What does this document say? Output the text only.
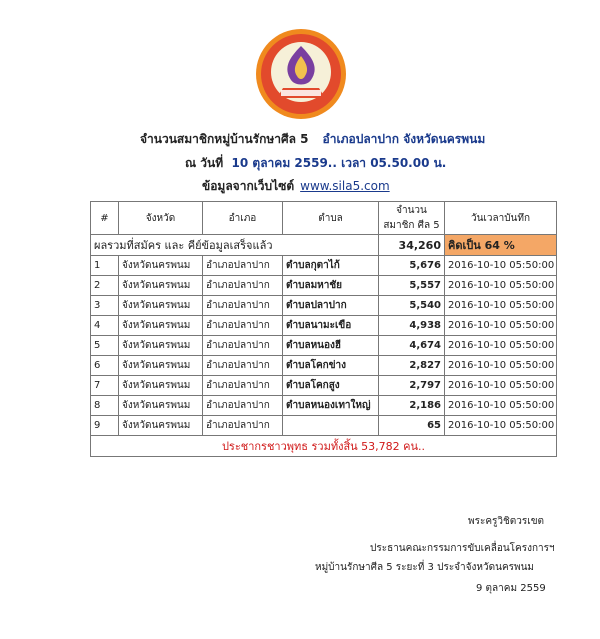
จำนวนสมาชิกหมู่บ้านรักษาศีล 5 อำเภอปลาปาก จังหวัดนครพนม
ณ วันที่ 10 ตุลาคม 2559.. เวลา 05.50.00 น.
ข้อมูลจากเว็บไซต์ www.sila5.com
#	จังหวัด	อำเภอ	ตำบล	จำนวนสมาชิก ศีล 5	วันเวลาบันทึก
ผลรวมที่สมัคร และ คีย์ข้อมูลเสร็จแล้ว				34,260	คิดเป็น 64 %
1	จังหวัดนครพนม	อำเภอปลาปาก	ตำบลกุตาไก้	5,676	2016-10-10 05:50:00
2	จังหวัดนครพนม	อำเภอปลาปาก	ตำบลมหาชัย	5,557	2016-10-10 05:50:00
3	จังหวัดนครพนม	อำเภอปลาปาก	ตำบลปลาปาก	5,540	2016-10-10 05:50:00
4	จังหวัดนครพนม	อำเภอปลาปาก	ตำบลนามะเขือ	4,938	2016-10-10 05:50:00
5	จังหวัดนครพนม	อำเภอปลาปาก	ตำบลหนองฮี	4,674	2016-10-10 05:50:00
6	จังหวัดนครพนม	อำเภอปลาปาก	ตำบลโคกข่าง	2,827	2016-10-10 05:50:00
7	จังหวัดนครพนม	อำเภอปลาปาก	ตำบลโคกสูง	2,797	2016-10-10 05:50:00
8	จังหวัดนครพนม	อำเภอปลาปาก	ตำบลหนองเทาใหญ่	2,186	2016-10-10 05:50:00
9	จังหวัดนครพนม	อำเภอปลาปาก		65	2016-10-10 05:50:00
ประชากรชาวพุทธ รวมทั้งสิ้น 53,782 คน..					
พระครูวิชิตวรเขต
ประธานคณะกรรมการขับเคลื่อนโครงการฯ
หมู่บ้านรักษาศีล 5 ระยะที่ 3 ประจำจังหวัดนครพนม
9 ตุลาคม 2559
